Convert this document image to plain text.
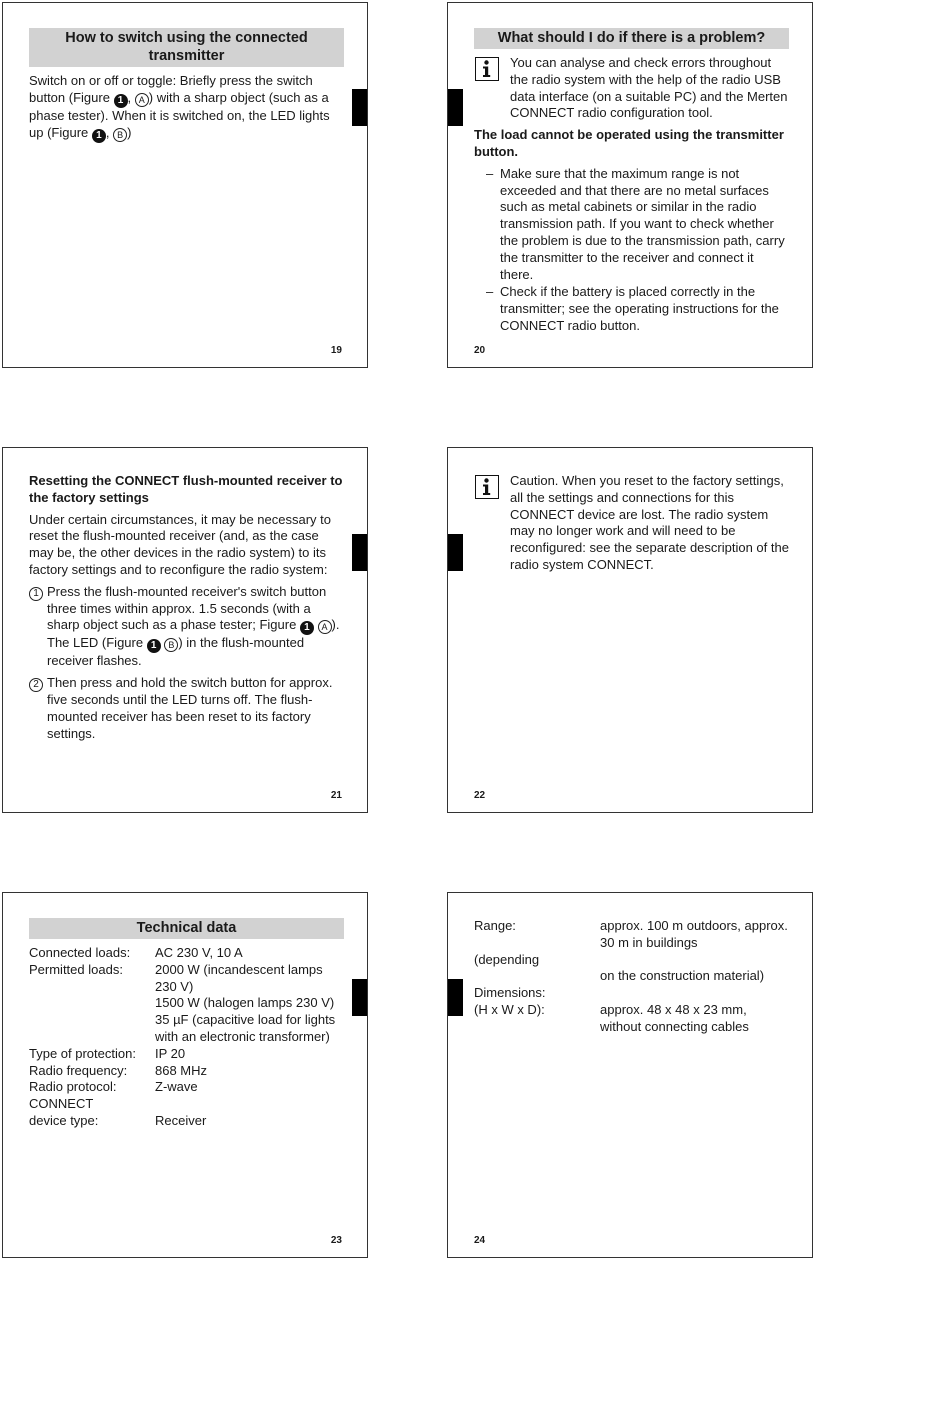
How to switch using the connected transmitter

Switch on or off or toggle: Briefly press the switch button (Figure 1 , A ) with a sharp object (such as a phase tester). When it is switched on, the LED lights up (Figure 1 , B )

19
What should I do if there is a problem?

You can analyse and check errors throughout the radio system with the help of the radio USB data interface (on a suitable PC) and the Merten CONNECT radio configuration tool.

The load cannot be operated using the transmitter button.

– Make sure that the maximum range is not exceeded and that there are no metal surfaces such as metal cabinets or similar in the radio transmission path. If you want to check whether the problem is due to the transmission path, carry the transmitter to the receiver and connect it there.
– Check if the battery is placed correctly in the transmitter; see the operating instructions for the CONNECT radio button.
20

Resetting the CONNECT flush-mounted receiver to the factory settings

Under certain circumstances, it may be necessary to reset the flush-mounted receiver (and, as the case may be, the other devices in the radio system) to its factory settings and to reconfigure the radio system:

1 Press the flush-mounted receiver's switch button three times within approx. 1.5 seconds (with a sharp object such as a phase tester; Figure 1 A ). The LED (Figure 1 B ) in the flush-mounted receiver flashes.
2 Then press and hold the switch button for approx. five seconds until the LED turns off. The flush-mounted receiver has been reset to its factory settings.
21

Caution. When you reset to the factory settings, all the settings and connections for this CONNECT device are lost. The radio system may no longer work and will need to be reconfigured: see the separate description of the radio system CONNECT.

22
Technical data
Connected loads:	AC 230 V, 10 A
Permitted loads:	2000 W (incandescent lamps 230 V)
	1500 W (halogen lamps 230 V)
	35 µF (capacitive load for lights with an electronic transformer)
Type of protection:	IP 20
Radio frequency:	868 MHz
Radio protocol:	Z-wave
CONNECT	
device type:	Receiver
23
Range:	approx. 100 m outdoors, approx. 30 m in buildings
(depending	
	on the construction material)
Dimensions:	
(H x W x D):	approx. 48 x 48 x 23 mm, without connecting cables
24
